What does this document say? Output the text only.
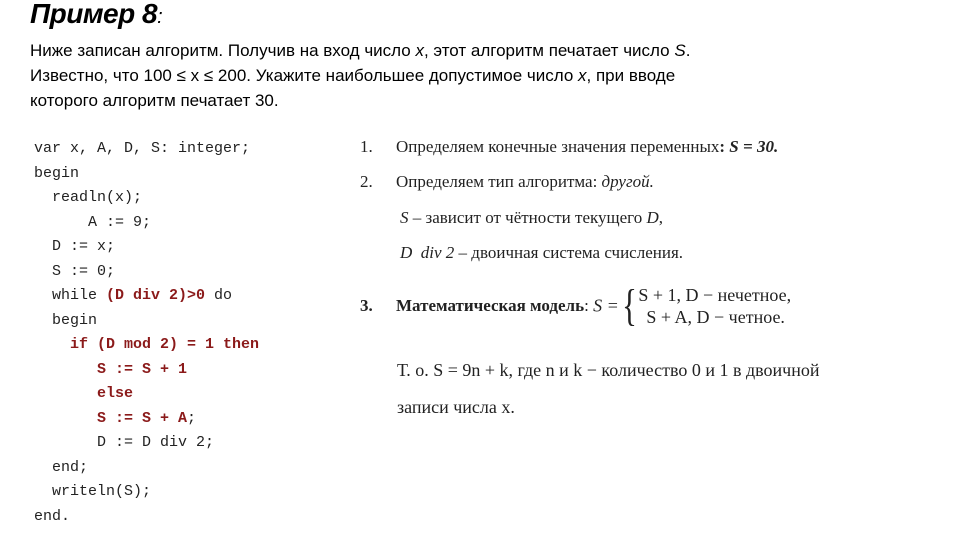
Пример 8:

Ниже записан алгоритм. Получив на вход число x, этот алгоритм печатает число S.

Известно, что 100 ≤ x ≤ 200. Укажите наибольшее допустимое число x, при вводе

которого алгоритм печатает 30.

var x, A, D, S: integer;
begin
readln(x);
A := 9;
D := x;
S := 0;
while (D div 2)>0 do
begin
if (D mod 2) = 1 then
S := S + 1
else
S := S + A;
D := D div 2;
end;
writeln(S);
end.
1. Определяем конечные значения переменных: S = 30.
2. Определяем тип алгоритма: другой.
S – зависит от чётности текущего D,
D  div 2 – двоичная система счисления.
3. Математическая модель: S = { S + 1, D − нечетное,
S + A, D − четное.
Т. о. S = 9n + k, где n и k − количество 0 и 1 в двоичной
записи числа x.
